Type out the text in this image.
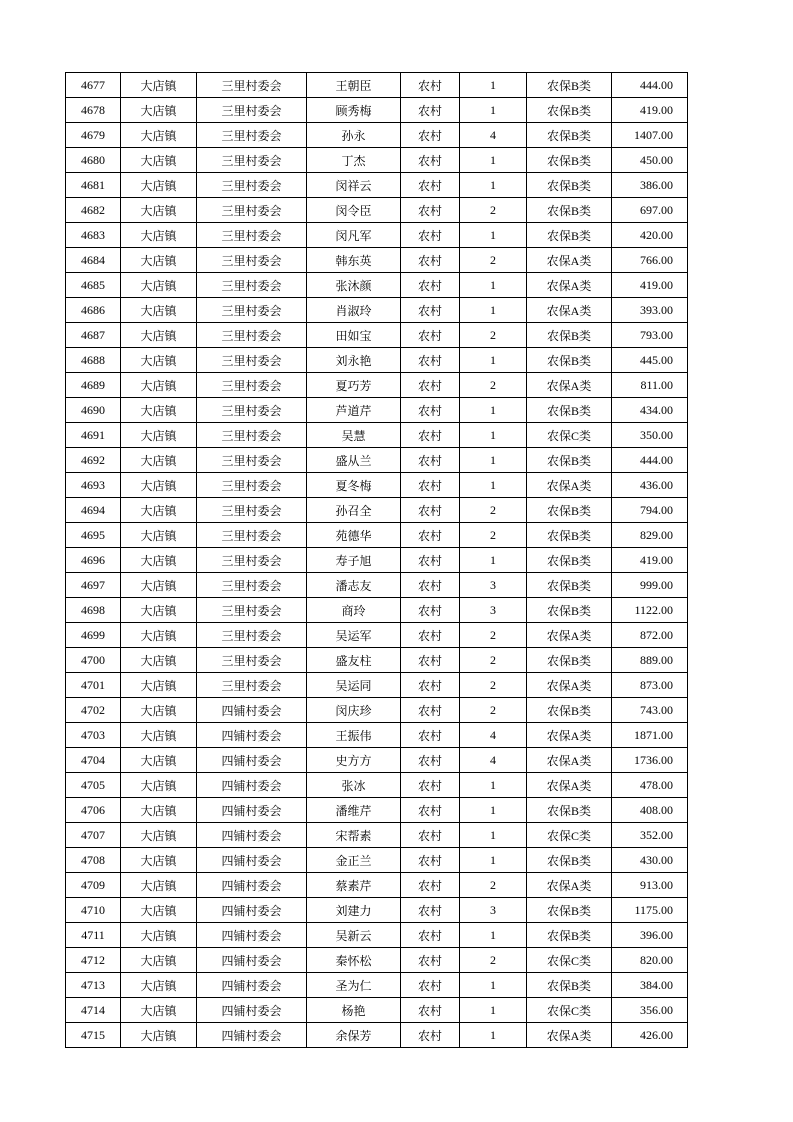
4677	大店镇	三里村委会	王朝臣	农村	1	农保B类	444.00
4678	大店镇	三里村委会	顾秀梅	农村	1	农保B类	419.00
4679	大店镇	三里村委会	孙永	农村	4	农保B类	1407.00
4680	大店镇	三里村委会	丁杰	农村	1	农保B类	450.00
4681	大店镇	三里村委会	闵祥云	农村	1	农保B类	386.00
4682	大店镇	三里村委会	闵令臣	农村	2	农保B类	697.00
4683	大店镇	三里村委会	闵凡军	农村	1	农保B类	420.00
4684	大店镇	三里村委会	韩东英	农村	2	农保A类	766.00
4685	大店镇	三里村委会	张沐颜	农村	1	农保A类	419.00
4686	大店镇	三里村委会	肖淑玲	农村	1	农保A类	393.00
4687	大店镇	三里村委会	田如宝	农村	2	农保B类	793.00
4688	大店镇	三里村委会	刘永艳	农村	1	农保B类	445.00
4689	大店镇	三里村委会	夏巧芳	农村	2	农保A类	811.00
4690	大店镇	三里村委会	芦道芹	农村	1	农保B类	434.00
4691	大店镇	三里村委会	吴慧	农村	1	农保C类	350.00
4692	大店镇	三里村委会	盛从兰	农村	1	农保B类	444.00
4693	大店镇	三里村委会	夏冬梅	农村	1	农保A类	436.00
4694	大店镇	三里村委会	孙召全	农村	2	农保B类	794.00
4695	大店镇	三里村委会	苑德华	农村	2	农保B类	829.00
4696	大店镇	三里村委会	寿子旭	农村	1	农保B类	419.00
4697	大店镇	三里村委会	潘志友	农村	3	农保B类	999.00
4698	大店镇	三里村委会	商玲	农村	3	农保B类	1122.00
4699	大店镇	三里村委会	吴运军	农村	2	农保A类	872.00
4700	大店镇	三里村委会	盛友柱	农村	2	农保B类	889.00
4701	大店镇	三里村委会	吴运同	农村	2	农保A类	873.00
4702	大店镇	四铺村委会	闵庆珍	农村	2	农保B类	743.00
4703	大店镇	四铺村委会	王振伟	农村	4	农保A类	1871.00
4704	大店镇	四铺村委会	史方方	农村	4	农保A类	1736.00
4705	大店镇	四铺村委会	张冰	农村	1	农保A类	478.00
4706	大店镇	四铺村委会	潘维芹	农村	1	农保B类	408.00
4707	大店镇	四铺村委会	宋帮素	农村	1	农保C类	352.00
4708	大店镇	四铺村委会	金正兰	农村	1	农保B类	430.00
4709	大店镇	四铺村委会	蔡素芹	农村	2	农保A类	913.00
4710	大店镇	四铺村委会	刘建力	农村	3	农保B类	1175.00
4711	大店镇	四铺村委会	吴新云	农村	1	农保B类	396.00
4712	大店镇	四铺村委会	秦怀松	农村	2	农保C类	820.00
4713	大店镇	四铺村委会	圣为仁	农村	1	农保B类	384.00
4714	大店镇	四铺村委会	杨艳	农村	1	农保C类	356.00
4715	大店镇	四铺村委会	余保芳	农村	1	农保A类	426.00
